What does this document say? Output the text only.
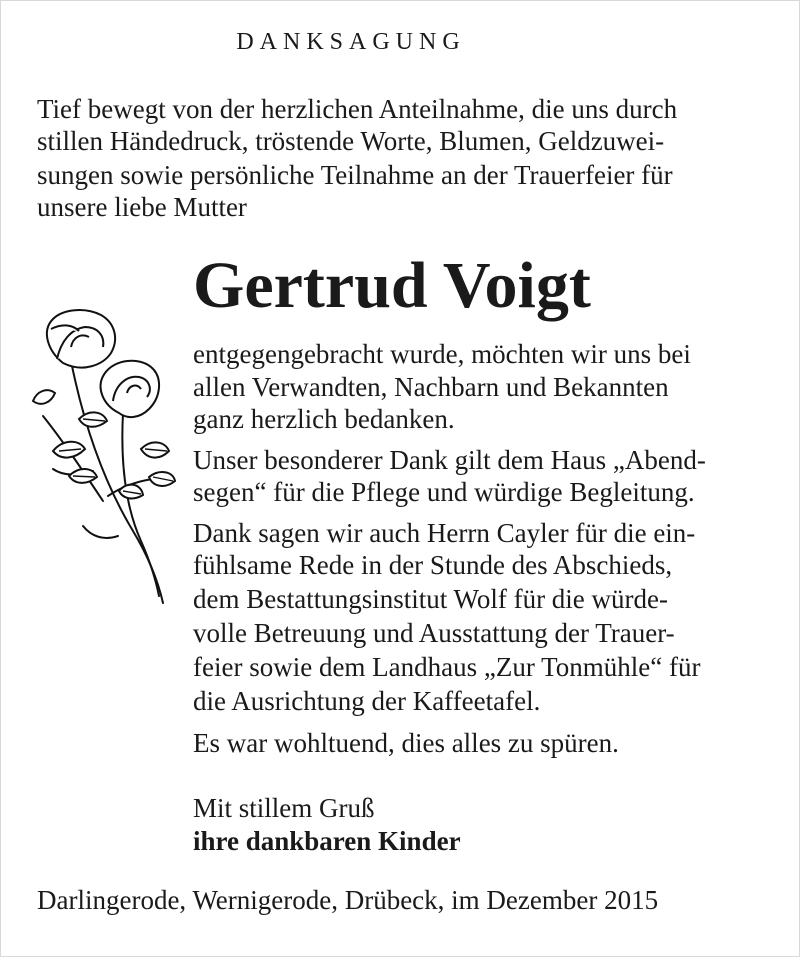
DANKSAGUNG
Tief bewegt von der herzlichen Anteilnahme, die uns durch
stillen Händedruck, tröstende Worte, Blumen, Geldzuwei-
sungen sowie persönliche Teilnahme an der Trauerfeier für
unsere liebe Mutter
Gertrud Voigt
entgegengebracht wurde, möchten wir uns bei
allen Verwandten, Nachbarn und Bekannten
ganz herzlich bedanken.
Unser besonderer Dank gilt dem Haus „Abend-
segen“ für die Pflege und würdige Begleitung.
Dank sagen wir auch Herrn Cayler für die ein-
fühlsame Rede in der Stunde des Abschieds,
dem Bestattungsinstitut Wolf für die würde-
volle Betreuung und Ausstattung der Trauer-
feier sowie dem Landhaus „Zur Tonmühle“ für
die Ausrichtung der Kaffeetafel.
Es war wohltuend, dies alles zu spüren.
Mit stillem Gruß
ihre dankbaren Kinder
Darlingerode, Wernigerode, Drübeck, im Dezember 2015
